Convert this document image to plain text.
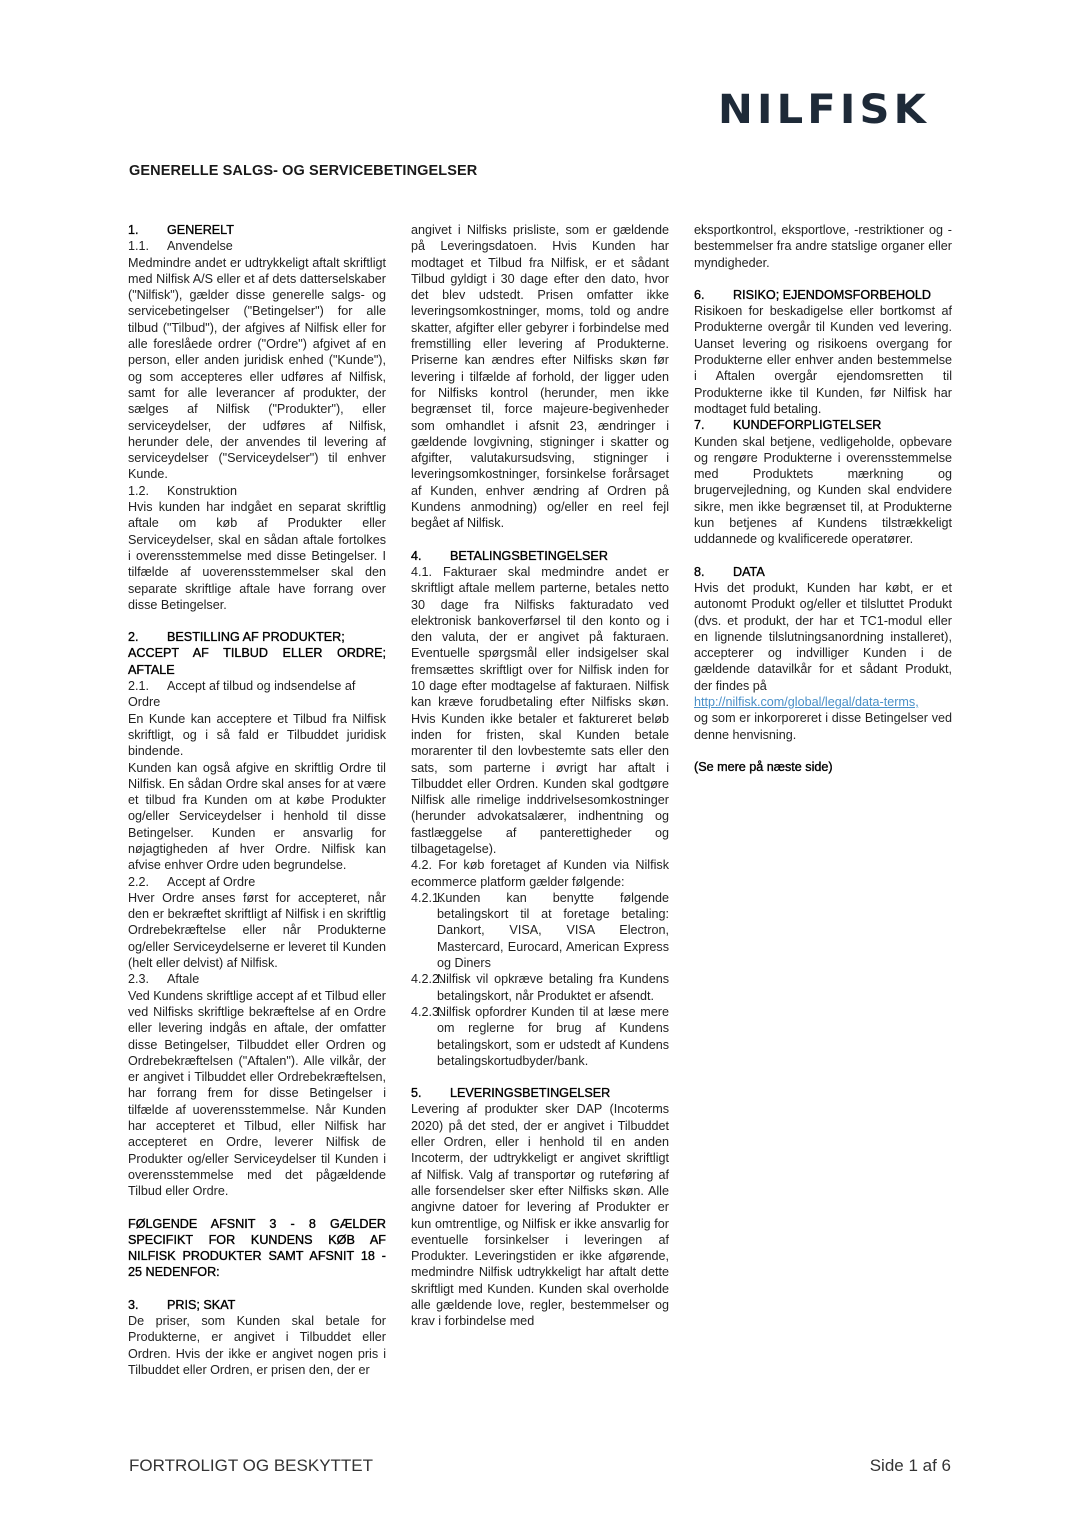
NILFISK
GENERELLE SALGS- OG SERVICEBETINGELSER
1. GENERELT
1.1. Anvendelse

Medmindre andet er udtrykkeligt aftalt skriftligt med Nilfisk A/S eller et af dets datterselskaber ("Nilfisk"), gælder disse generelle salgs- og servicebetingelser ("Betingelser") for alle tilbud ("Tilbud"), der afgives af Nilfisk eller for alle foreslåede ordrer ("Ordre") afgivet af en person, eller anden juridisk enhed ("Kunde"), og som accepteres eller udføres af Nilfisk, samt for alle leverancer af produkter, der sælges af Nilfisk ("Produkter"), eller serviceydelser, der udføres af Nilfisk, herunder dele, der anvendes til levering af serviceydelser ("Serviceydelser") til enhver Kunde.

1.2. Konstruktion

Hvis kunden har indgået en separat skriftlig aftale om køb af Produkter eller Serviceydelser, skal en sådan aftale fortolkes i overensstemmelse med disse Betingelser. I tilfælde af uoverensstemmelser skal den separate skriftlige aftale have forrang over disse Betingelser.

2. BESTILLING AF PRODUKTER;
ACCEPT AF TILBUD ELLER ORDRE; AFTALE
2.1. Accept af tilbud og indsendelse af Ordre

En Kunde kan acceptere et Tilbud fra Nilfisk skriftligt, og i så fald er Tilbuddet juridisk bindende.

Kunden kan også afgive en skriftlig Ordre til Nilfisk. En sådan Ordre skal anses for at være et tilbud fra Kunden om at købe Produkter og/eller Serviceydelser i henhold til disse Betingelser. Kunden er ansvarlig for nøjagtigheden af hver Ordre. Nilfisk kan afvise enhver Ordre uden begrundelse.

2.2. Accept af Ordre

Hver Ordre anses først for accepteret, når den er bekræftet skriftligt af Nilfisk i en skriftlig Ordrebekræftelse eller når Produkterne og/eller Serviceydelserne er leveret til Kunden (helt eller delvist) af Nilfisk.

2.3. Aftale

Ved Kundens skriftlige accept af et Tilbud eller ved Nilfisks skriftlige bekræftelse af en Ordre eller levering indgås en aftale, der omfatter disse Betingelser, Tilbuddet eller Ordren og Ordrebekræftelsen ("Aftalen"). Alle vilkår, der er angivet i Tilbuddet eller Ordrebekræftelsen, har forrang frem for disse Betingelser i tilfælde af uoverensstemmelse. Når Kunden har accepteret et Tilbud, eller Nilfisk har accepteret en Ordre, leverer Nilfisk de Produkter og/eller Serviceydelser til Kunden i overensstemmelse med det pågældende Tilbud eller Ordre.

FØLGENDE AFSNIT 3 - 8 GÆLDER SPECIFIKT FOR KUNDENS KØB AF NILFISK PRODUKTER SAMT AFSNIT 18 - 25 NEDENFOR:
3. PRIS; SKAT

De priser, som Kunden skal betale for Produkterne, er angivet i Tilbuddet eller Ordren. Hvis der ikke er angivet nogen pris i Tilbuddet eller Ordren, er prisen den, der er

angivet i Nilfisks prisliste, som er gældende på Leveringsdatoen. Hvis Kunden har modtaget et Tilbud fra Nilfisk, er et sådant Tilbud gyldigt i 30 dage efter den dato, hvor det blev udstedt. Prisen omfatter ikke leveringsomkostninger, moms, told og andre skatter, afgifter eller gebyrer i forbindelse med fremstilling eller levering af Produkterne. Priserne kan ændres efter Nilfisks skøn før levering i tilfælde af forhold, der ligger uden for Nilfisks kontrol (herunder, men ikke begrænset til, force majeure-begivenheder som omhandlet i afsnit 23, ændringer i gældende lovgivning, stigninger i skatter og afgifter, valutakursudsving, stigninger i leveringsomkostninger, forsinkelse forårsaget af Kunden, enhver ændring af Ordren på Kundens anmodning) og/eller en reel fejl begået af Nilfisk.

4. BETALINGSBETINGELSER

4.1. Fakturaer skal medmindre andet er skriftligt aftale mellem parterne, betales netto 30 dage fra Nilfisks fakturadato ved elektronisk bankoverførsel til den konto og i den valuta, der er angivet på fakturaen. Eventuelle spørgsmål eller indsigelser skal fremsættes skriftligt over for Nilfisk inden for 10 dage efter modtagelse af fakturaen. Nilfisk kan kræve forudbetaling efter Nilfisks skøn. Hvis Kunden ikke betaler et faktureret beløb inden for fristen, skal Kunden betale morarenter til den lovbestemte sats eller den sats, som parterne i øvrigt har aftalt i Tilbuddet eller Ordren. Kunden skal godtgøre Nilfisk alle rimelige inddrivelsesomkostninger (herunder advokatsalærer, indhentning og fastlæggelse af panterettigheder og tilbagetagelse).

4.2. For køb foretaget af Kunden via Nilfisk ecommerce platform gælder følgende:

4.2.1.
Kunden kan benytte følgende betalingskort til at foretage betaling: Dankort, VISA, VISA Electron, Mastercard, Eurocard, American Express og Diners
4.2.2.
Nilfisk vil opkræve betaling fra Kundens betalingskort, når Produktet er afsendt.
4.2.3.
Nilfisk opfordrer Kunden til at læse mere om reglerne for brug af Kundens betalingskort, som er udstedt af Kundens betalingskortudbyder/bank.
5. LEVERINGSBETINGELSER

Levering af produkter sker DAP (Incoterms 2020) på det sted, der er angivet i Tilbuddet eller Ordren, eller i henhold til en anden Incoterm, der udtrykkeligt er angivet skriftligt af Nilfisk. Valg af transportør og ruteføring af alle forsendelser sker efter Nilfisks skøn. Alle angivne datoer for levering af Produkter er kun omtrentlige, og Nilfisk er ikke ansvarlig for eventuelle forsinkelser i leveringen af Produkter. Leveringstiden er ikke afgørende, medmindre Nilfisk udtrykkeligt har aftalt dette skriftligt med Kunden. Kunden skal overholde alle gældende love, regler, bestemmelser og krav i forbindelse med

eksportkontrol, eksportlove, -restriktioner og -bestemmelser fra andre statslige organer eller myndigheder.

6. RISIKO; EJENDOMSFORBEHOLD

Risikoen for beskadigelse eller bortkomst af Produkterne overgår til Kunden ved levering. Uanset levering og risikoens overgang for Produkterne eller enhver anden bestemmelse i Aftalen overgår ejendomsretten til Produkterne ikke til Kunden, før Nilfisk har modtaget fuld betaling.

7. KUNDEFORPLIGTELSER

Kunden skal betjene, vedligeholde, opbevare og rengøre Produkterne i overensstemmelse med Produktets mærkning og brugervejledning, og Kunden skal endvidere sikre, men ikke begrænset til, at Produkterne kun betjenes af Kundens tilstrækkeligt uddannede og kvalificerede operatører.

8. DATA

Hvis det produkt, Kunden har købt, er et autonomt Produkt og/eller et tilsluttet Produkt (dvs. et produkt, der har et TC1-modul eller en lignende tilslutningsanordning installeret), accepterer og indvilliger Kunden i de gældende datavilkår for et sådant Produkt, der findes på

http://nilfisk.com/global/legal/data-terms,

og som er inkorporeret i disse Betingelser ved denne henvisning.

(Se mere på næste side)
FORTROLIGT OG BESKYTTET	Side 1 af 6
